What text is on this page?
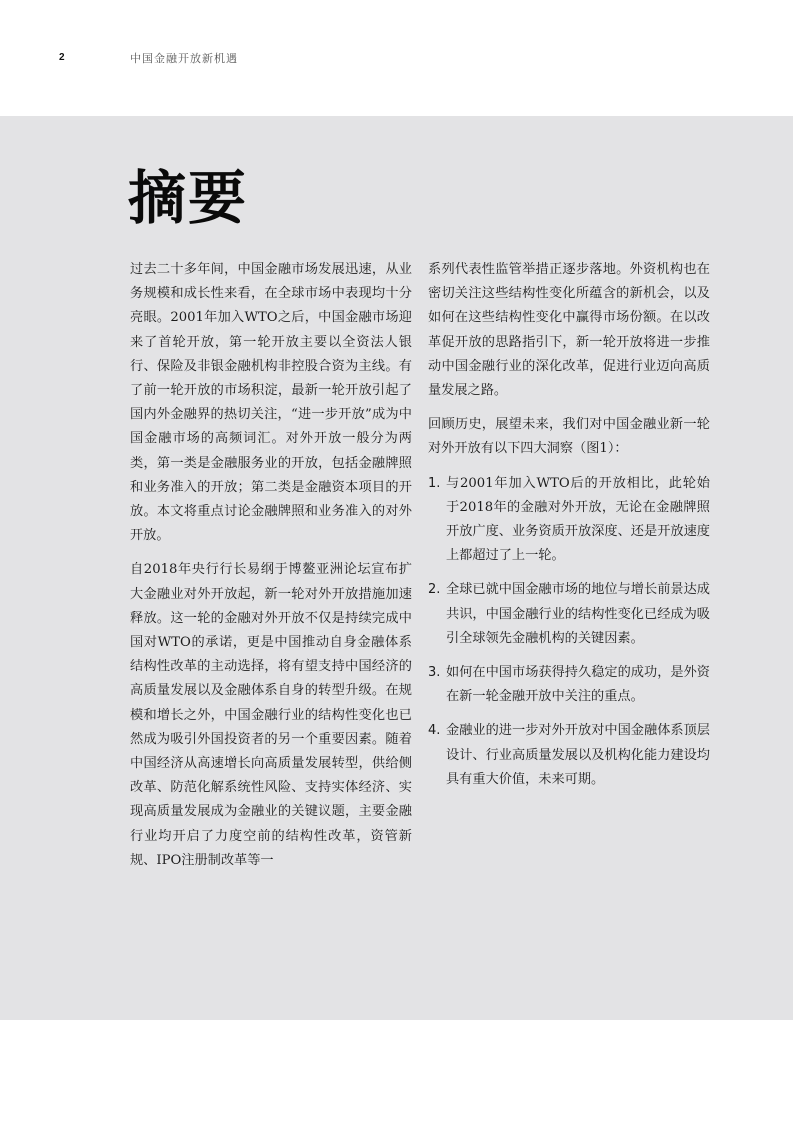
2	中国金融开放新机遇
摘要

过去二十多年间，中国金融市场发展迅速，从业务规模和成长性来看，在全球市场中表现均十分亮眼。2001年加入WTO之后，中国金融市场迎来了首轮开放，第一轮开放主要以全资法人银行、保险及非银金融机构非控股合资为主线。有了前一轮开放的市场积淀，最新一轮开放引起了国内外金融界的热切关注，“进一步开放”成为中国金融市场的高频词汇。对外开放一般分为两类，第一类是金融服务业的开放，包括金融牌照和业务准入的开放；第二类是金融资本项目的开放。本文将重点讨论金融牌照和业务准入的对外开放。

自2018年央行行长易纲于博鳌亚洲论坛宣布扩大金融业对外开放起，新一轮对外开放措施加速释放。这一轮的金融对外开放不仅是持续完成中国对WTO的承诺，更是中国推动自身金融体系结构性改革的主动选择，将有望支持中国经济的高质量发展以及金融体系自身的转型升级。在规模和增长之外，中国金融行业的结构性变化也已然成为吸引外国投资者的另一个重要因素。随着中国经济从高速增长向高质量发展转型，供给侧改革、防范化解系统性风险、支持实体经济、实现高质量发展成为金融业的关键议题，主要金融行业均开启了力度空前的结构性改革，资管新规、IPO注册制改革等一

系列代表性监管举措正逐步落地。外资机构也在密切关注这些结构性变化所蕴含的新机会，以及如何在这些结构性变化中赢得市场份额。在以改革促开放的思路指引下，新一轮开放将进一步推动中国金融行业的深化改革，促进行业迈向高质量发展之路。

回顾历史，展望未来，我们对中国金融业新一轮对外开放有以下四大洞察（图1）：

1. 与2001年加入WTO后的开放相比，此轮始于2018年的金融对外开放，无论在金融牌照开放广度、业务资质开放深度、还是开放速度上都超过了上一轮。
2. 全球已就中国金融市场的地位与增长前景达成共识，中国金融行业的结构性变化已经成为吸引全球领先金融机构的关键因素。
3. 如何在中国市场获得持久稳定的成功，是外资在新一轮金融开放中关注的重点。
4. 金融业的进一步对外开放对中国金融体系顶层设计、行业高质量发展以及机构化能力建设均具有重大价值，未来可期。
